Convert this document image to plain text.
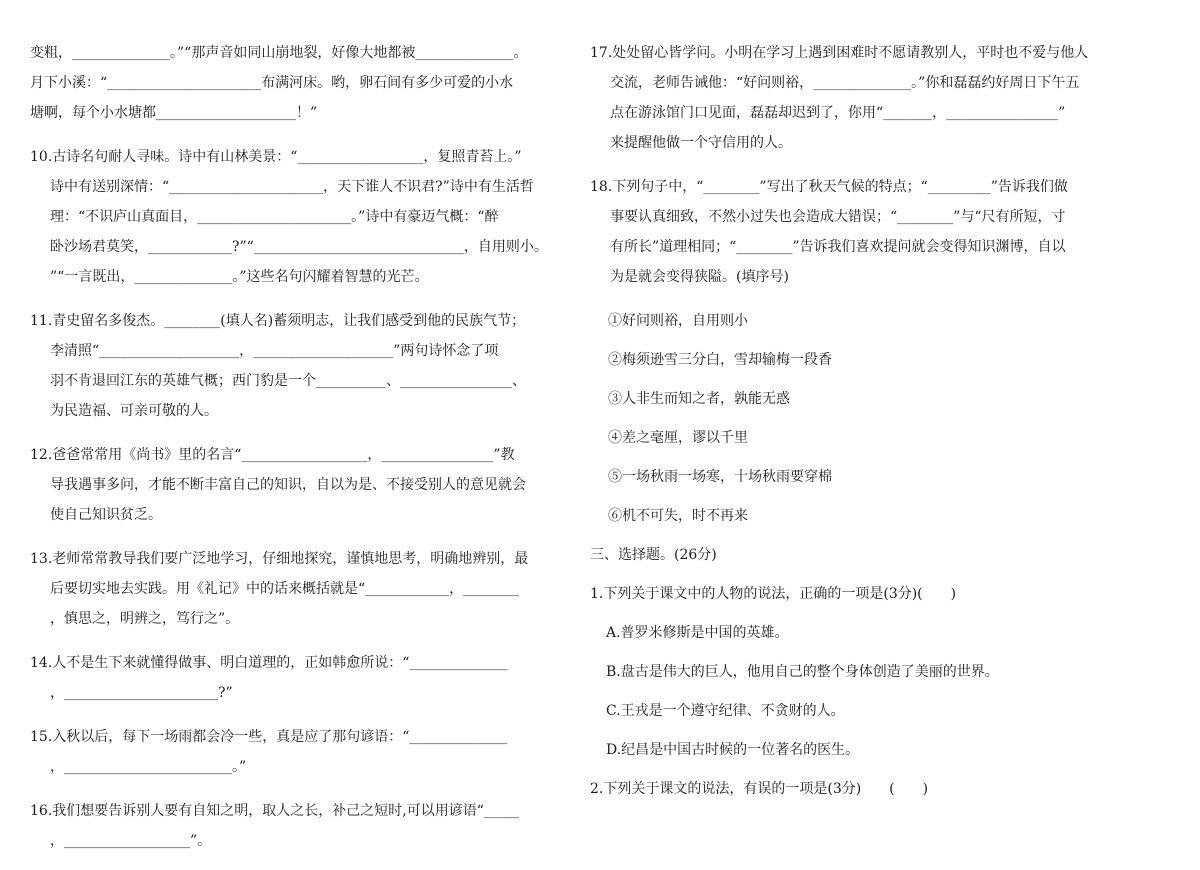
变粗，______________。”“那声音如同山崩地裂，好像大地都被______________。
月下小溪：“______________________布满河床。哟，卵石间有多少可爱的小水
塘啊，每个小水塘都____________________！”
10.古诗名句耐人寻味。诗中有山林美景：“__________________，复照青苔上。”
诗中有送别深情：“______________________，天下谁人不识君?”诗中有生活哲
理：“不识庐山真面目，______________________。”诗中有豪迈气概：“醉
卧沙场君莫笑，____________?”“______________________________，自用则小。
”“一言既出，______________。”这些名句闪耀着智慧的光芒。
11.青史留名多俊杰。________(填人名)蓄须明志，让我们感受到他的民族气节；
李清照“____________________，____________________”两句诗怀念了项
羽不肯退回江东的英雄气概；西门豹是一个__________、________________、
为民造福、可亲可敬的人。
12.爸爸常常用《尚书》里的名言“__________________，________________”教
导我遇事多问，才能不断丰富自己的知识，自以为是、不接受别人的意见就会
使自己知识贫乏。
13.老师常常教导我们要广泛地学习，仔细地探究，谨慎地思考，明确地辨别，最
后要切实地去实践。用《礼记》中的话来概括就是“____________，________
，慎思之，明辨之，笃行之”。
14.人不是生下来就懂得做事、明白道理的，正如韩愈所说：“______________
，______________________?”
15.入秋以后，每下一场雨都会冷一些，真是应了那句谚语：“______________
，________________________。”
16.我们想要告诉别人要有自知之明，取人之长，补己之短时,可以用谚语“_____
，__________________”。
17.处处留心皆学问。小明在学习上遇到困难时不愿请教别人，平时也不爱与他人
交流，老师告诫他：“好问则裕，______________。”你和磊磊约好周日下午五
点在游泳馆门口见面，磊磊却迟到了，你用“_______，________________”
来提醒他做一个守信用的人。
18.下列句子中，“________”写出了秋天气候的特点；“_________”告诉我们做
事要认真细致，不然小过失也会造成大错误；“________”与“尺有所短，寸
有所长”道理相同；“________”告诉我们喜欢提问就会变得知识渊博，自以
为是就会变得狭隘。(填序号)
①好问则裕，自用则小
②梅须逊雪三分白，雪却输梅一段香
③人非生而知之者，孰能无惑
④差之毫厘，谬以千里
⑤一场秋雨一场寒，十场秋雨要穿棉
⑥机不可失，时不再来
三、选择题。(26分)
1.下列关于课文中的人物的说法，正确的一项是(3分)(　　)
A.普罗米修斯是中国的英雄。
B.盘古是伟大的巨人，他用自己的整个身体创造了美丽的世界。
C.王戎是一个遵守纪律、不贪财的人。
D.纪昌是中国古时候的一位著名的医生。
2.下列关于课文的说法，有误的一项是(3分)　　(　　)
